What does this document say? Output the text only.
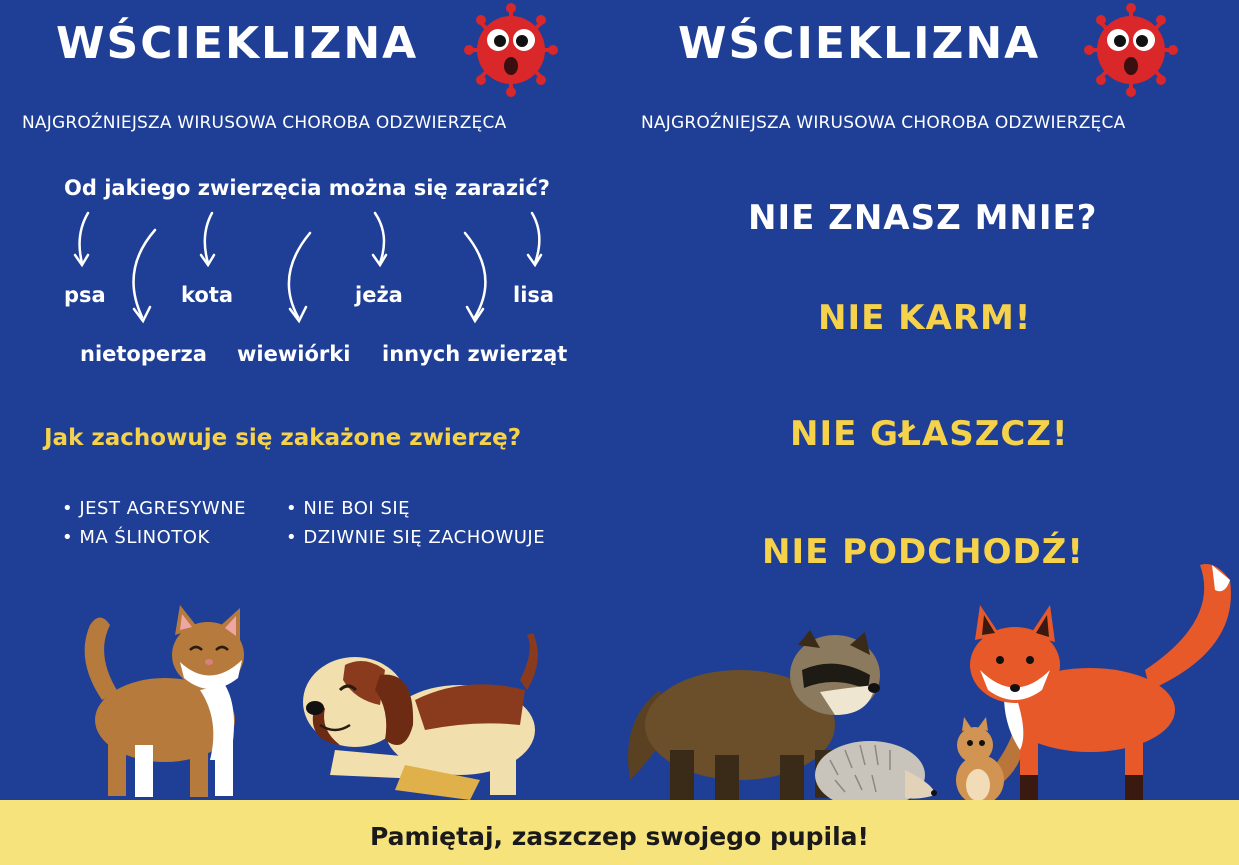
WŚCIEKLIZNA
NAJGROŹNIEJSZA WIRUSOWA CHOROBA ODZWIERZĘCA
Od jakiego zwierzęcia można się zarazić?
psa	kota	jeża	lisa
nietoperza wiewiórki innych zwierząt
Jak zachowuje się zakażone zwierzę?
• JEST AGRESYWNE
• MA ŚLINOTOK
• NIE BOI SIĘ
• DZIWNIE SIĘ ZACHOWUJE
WŚCIEKLIZNA
NAJGROŹNIEJSZA WIRUSOWA CHOROBA ODZWIERZĘCA
NIE ZNASZ MNIE?
NIE KARM!
NIE GŁASZCZ!
NIE PODCHODŹ!
Pamiętaj, zaszczep swojego pupila!
